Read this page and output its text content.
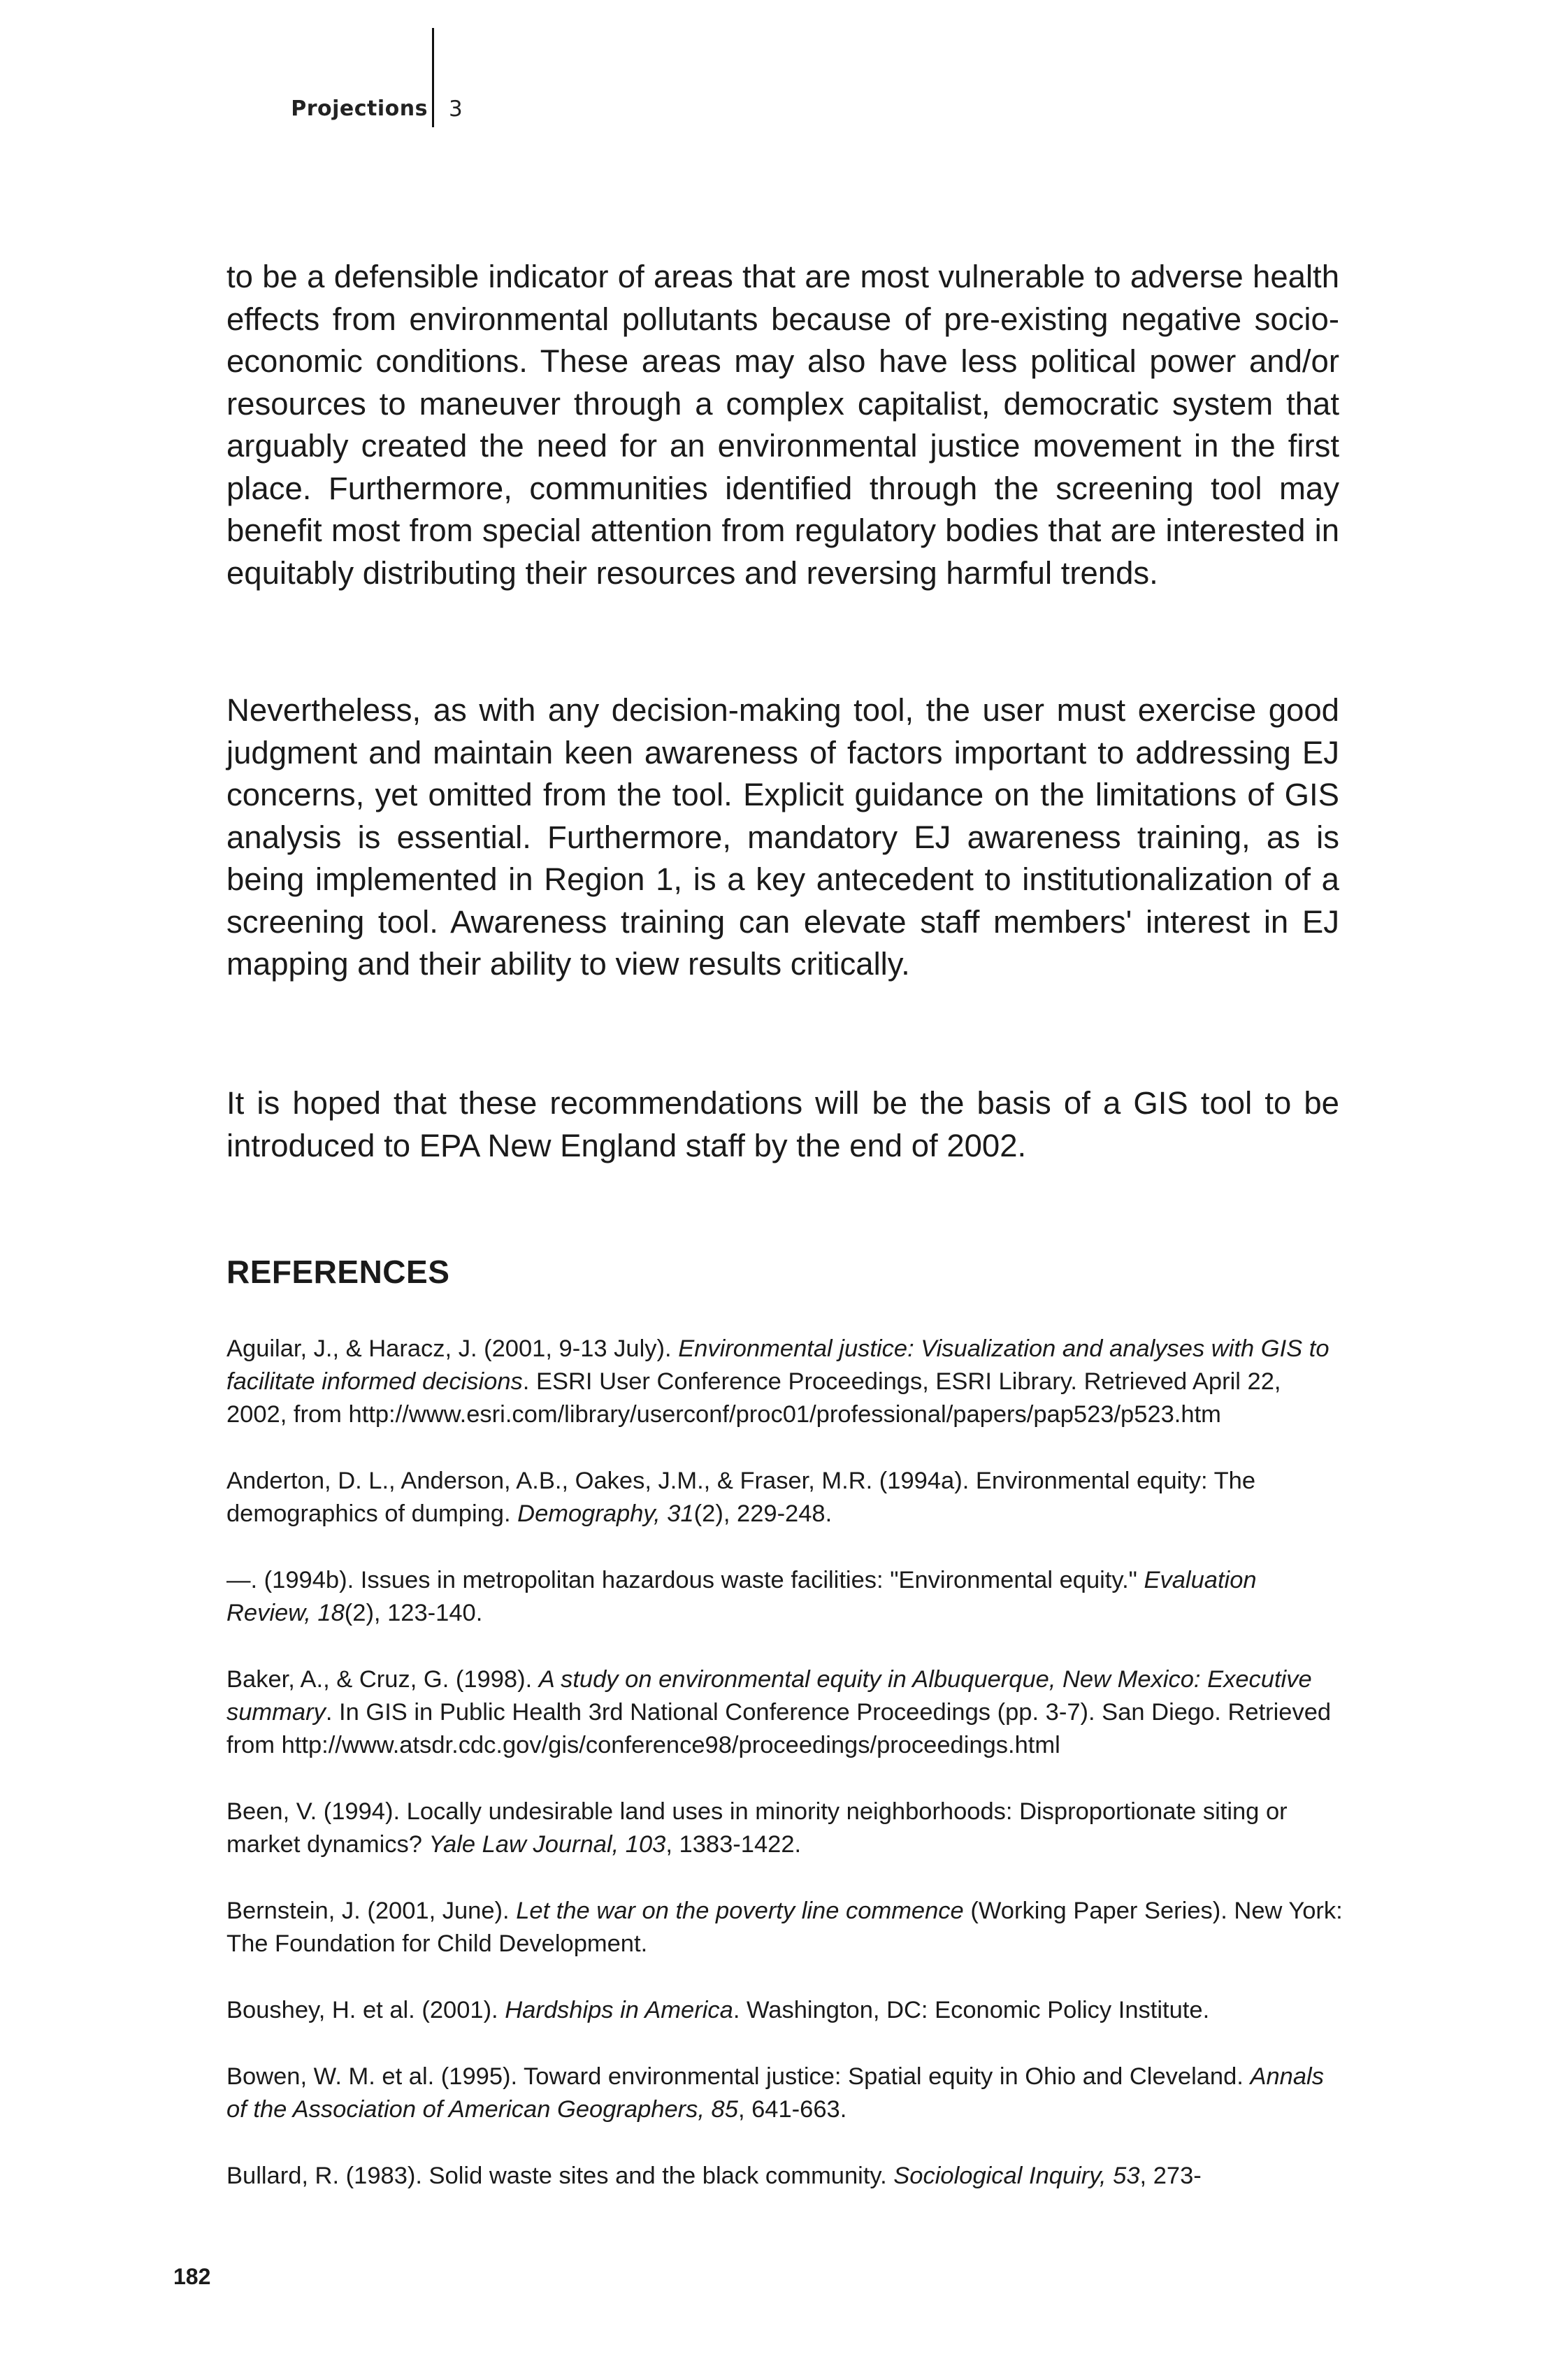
Projections 3

to be a defensible indicator of areas that are most vulnerable to adverse health effects from environmental pollutants because of pre-existing negative socio-economic conditions. These areas may also have less political power and/or resources to maneuver through a complex capitalist, democratic system that arguably created the need for an environmental justice movement in the first place. Furthermore, communities identified through the screening tool may benefit most from special attention from regulatory bodies that are interested in equitably distributing their resources and reversing harmful trends.

Nevertheless, as with any decision-making tool, the user must exercise good judgment and maintain keen awareness of factors important to addressing EJ concerns, yet omitted from the tool. Explicit guidance on the limitations of GIS analysis is essential. Furthermore, mandatory EJ awareness training, as is being implemented in Region 1, is a key antecedent to institutionalization of a screening tool. Awareness training can elevate staff members' interest in EJ mapping and their ability to view results critically.

It is hoped that these recommendations will be the basis of a GIS tool to be introduced to EPA New England staff by the end of 2002.

REFERENCES

Aguilar, J., & Haracz, J. (2001, 9-13 July). Environmental justice: Visualization and analyses with GIS to facilitate informed decisions. ESRI User Conference Proceedings, ESRI Library. Retrieved April 22, 2002, from http://www.esri.com/library/userconf/proc01/professional/papers/pap523/p523.htm

Anderton, D. L., Anderson, A.B., Oakes, J.M., & Fraser, M.R. (1994a). Environmental equity: The demographics of dumping. Demography, 31(2), 229-248.

—. (1994b). Issues in metropolitan hazardous waste facilities: "Environmental equity." Evaluation Review, 18(2), 123-140.

Baker, A., & Cruz, G. (1998). A study on environmental equity in Albuquerque, New Mexico: Executive summary. In GIS in Public Health 3rd National Conference Proceedings (pp. 3-7). San Diego. Retrieved from http://www.atsdr.cdc.gov/gis/conference98/proceedings/proceedings.html

Been, V. (1994). Locally undesirable land uses in minority neighborhoods: Disproportionate siting or market dynamics? Yale Law Journal, 103, 1383-1422.

Bernstein, J. (2001, June). Let the war on the poverty line commence (Working Paper Series). New York: The Foundation for Child Development.

Boushey, H. et al. (2001). Hardships in America. Washington, DC: Economic Policy Institute.

Bowen, W. M. et al. (1995). Toward environmental justice: Spatial equity in Ohio and Cleveland. Annals of the Association of American Geographers, 85, 641-663.

Bullard, R. (1983). Solid waste sites and the black community. Sociological Inquiry, 53, 273-

182
